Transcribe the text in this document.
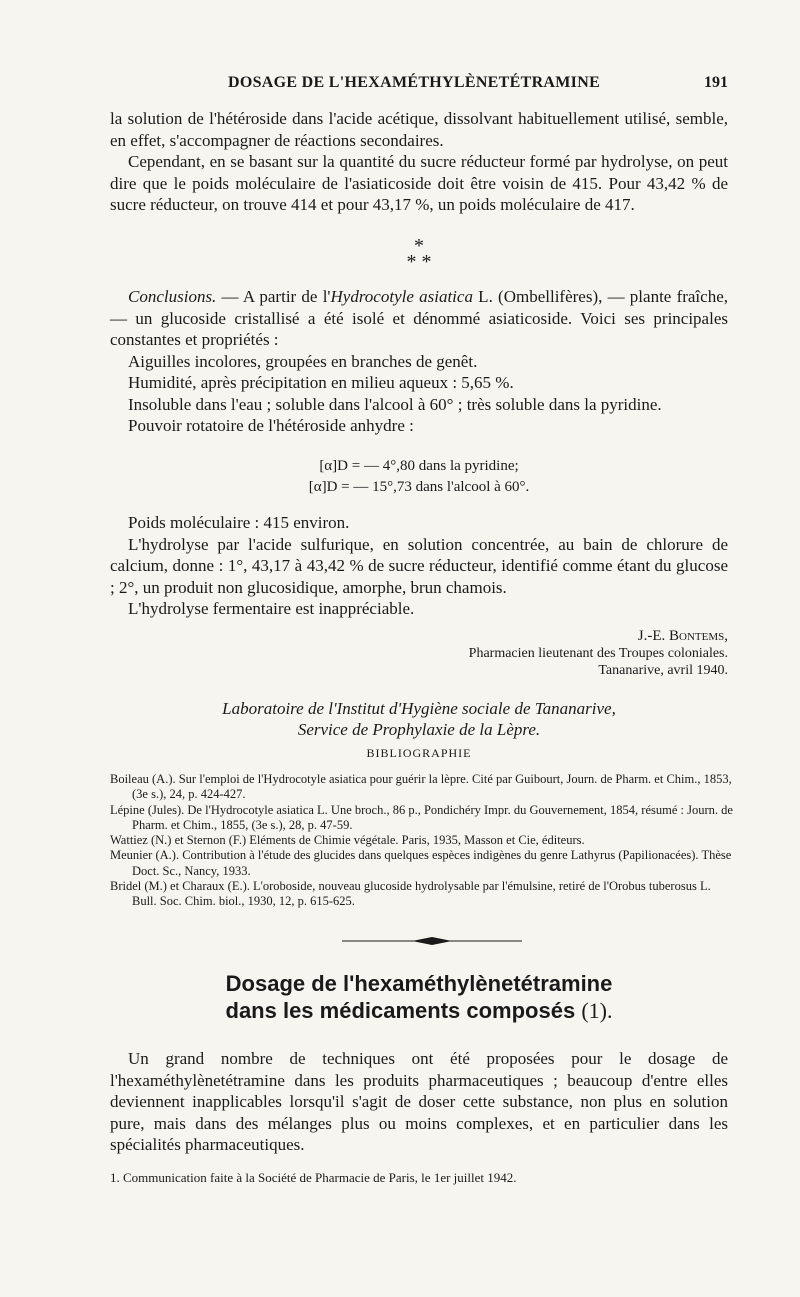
DOSAGE DE L'HEXAMÉTHYLÈNETÉTRAMINE	191

la solution de l'hétéroside dans l'acide acétique, dissolvant habituellement utilisé, semble, en effet, s'accompagner de réactions secondaires.

Cependant, en se basant sur la quantité du sucre réducteur formé par hydrolyse, on peut dire que le poids moléculaire de l'asiaticoside doit être voisin de 415. Pour 43,42 % de sucre réducteur, on trouve 414 et pour 43,17 %, un poids moléculaire de 417.

*
* *

Conclusions. — A partir de l'Hydrocotyle asiatica L. (Ombellifères), — plante fraîche, — un glucoside cristallisé a été isolé et dénommé asiaticoside. Voici ses principales constantes et propriétés :

Aiguilles incolores, groupées en branches de genêt.

Humidité, après précipitation en milieu aqueux : 5,65 %.

Insoluble dans l'eau ; soluble dans l'alcool à 60° ; très soluble dans la pyridine.

Pouvoir rotatoire de l'hétéroside anhydre :

[α]D = — 4°,80 dans la pyridine;
[α]D = — 15°,73 dans l'alcool à 60°.

Poids moléculaire : 415 environ.

L'hydrolyse par l'acide sulfurique, en solution concentrée, au bain de chlorure de calcium, donne : 1°, 43,17 à 43,42 % de sucre réducteur, identifié comme étant du glucose ; 2°, un produit non glucosidique, amorphe, brun chamois.

L'hydrolyse fermentaire est inappréciable.

J.-E. Bontems,
Pharmacien lieutenant des Troupes coloniales.
Tananarive, avril 1940.
Laboratoire de l'Institut d'Hygiène sociale de Tananarive,
Service de Prophylaxie de la Lèpre.
BIBLIOGRAPHIE

Boileau (A.). Sur l'emploi de l'Hydrocotyle asiatica pour guérir la lèpre. Cité par Guibourt, Journ. de Pharm. et Chim., 1853, (3e s.), 24, p. 424-427.

Lépine (Jules). De l'Hydrocotyle asiatica L. Une broch., 86 p., Pondichéry Impr. du Gouvernement, 1854, résumé : Journ. de Pharm. et Chim., 1855, (3e s.), 28, p. 47-59.

Wattiez (N.) et Sternon (F.) Eléments de Chimie végétale. Paris, 1935, Masson et Cie, éditeurs.

Meunier (A.). Contribution à l'étude des glucides dans quelques espèces indigènes du genre Lathyrus (Papilionacées). Thèse Doct. Sc., Nancy, 1933.

Bridel (M.) et Charaux (E.). L'oroboside, nouveau glucoside hydrolysable par l'émulsine, retiré de l'Orobus tuberosus L. Bull. Soc. Chim. biol., 1930, 12, p. 615-625.

Dosage de l'hexaméthylènetétramine
dans les médicaments composés (1).

Un grand nombre de techniques ont été proposées pour le dosage de l'hexaméthylènetétramine dans les produits pharmaceutiques ; beaucoup d'entre elles deviennent inapplicables lorsqu'il s'agit de doser cette substance, non plus en solution pure, mais dans des mélanges plus ou moins complexes, et en particulier dans les spécialités pharmaceutiques.

1. Communication faite à la Société de Pharmacie de Paris, le 1er juillet 1942.
